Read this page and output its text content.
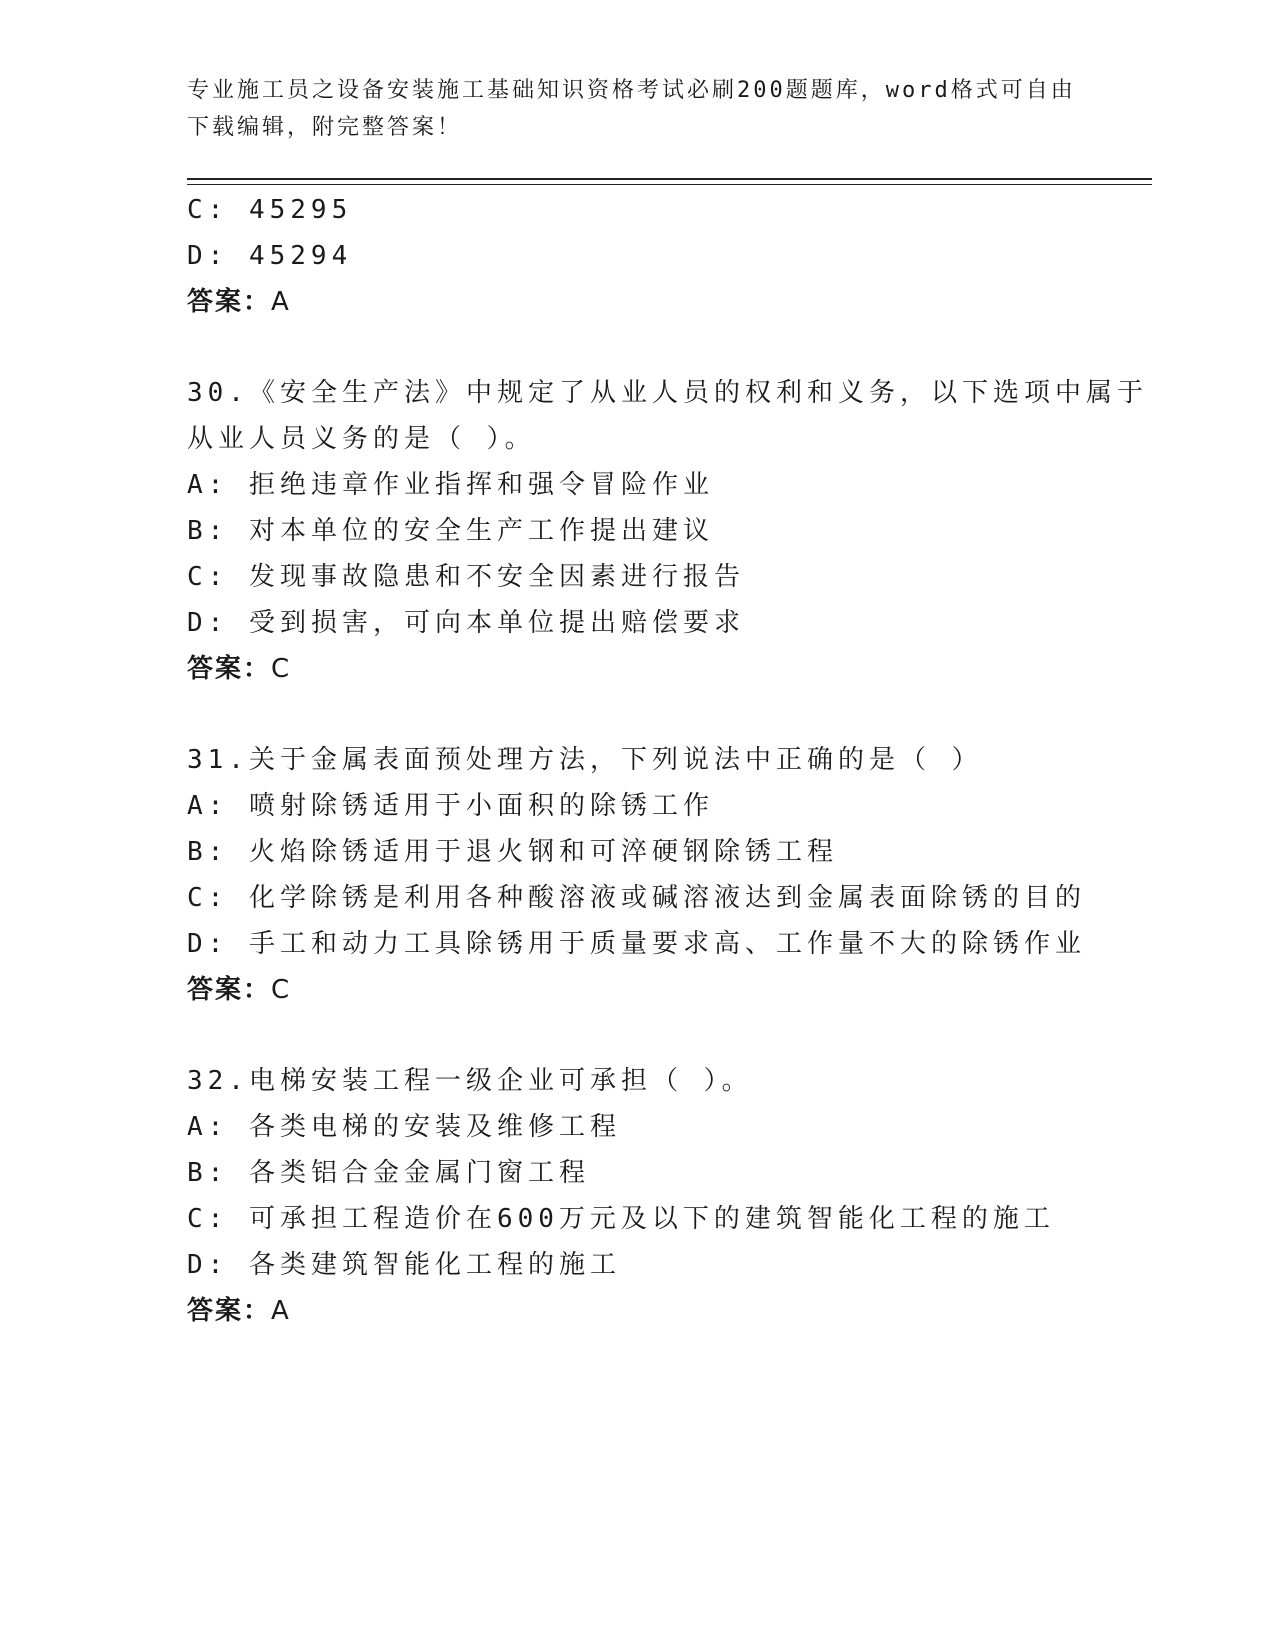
专业施工员之设备安装施工基础知识资格考试必刷200题题库，word格式可自由
下载编辑，附完整答案！
C: 45295
D: 45294
答案：A
30.《安全生产法》中规定了从业人员的权利和义务，以下选项中属于
从业人员义务的是（ ）。
A: 拒绝违章作业指挥和强令冒险作业
B: 对本单位的安全生产工作提出建议
C: 发现事故隐患和不安全因素进行报告
D: 受到损害，可向本单位提出赔偿要求
答案：C
31.关于金属表面预处理方法，下列说法中正确的是（ ）
A: 喷射除锈适用于小面积的除锈工作
B: 火焰除锈适用于退火钢和可淬硬钢除锈工程
C: 化学除锈是利用各种酸溶液或碱溶液达到金属表面除锈的目的
D: 手工和动力工具除锈用于质量要求高、工作量不大的除锈作业
答案：C
32.电梯安装工程一级企业可承担（ ）。
A: 各类电梯的安装及维修工程
B: 各类铝合金金属门窗工程
C: 可承担工程造价在600万元及以下的建筑智能化工程的施工
D: 各类建筑智能化工程的施工
答案：A
